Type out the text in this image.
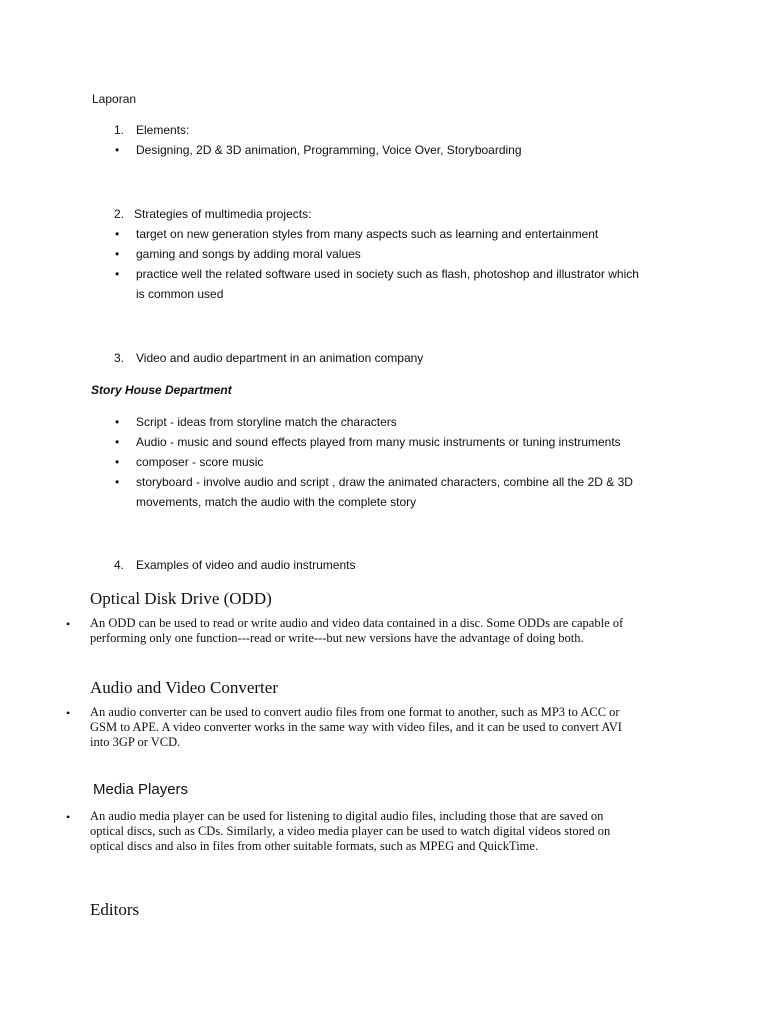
Laporan
1. Elements:
• Designing, 2D & 3D animation, Programming, Voice Over, Storyboarding
2. Strategies of multimedia projects:
• target on new generation styles from many aspects such as learning and entertainment
• gaming and songs by adding moral values
• practice well the related software used in society such as flash, photoshop and illustrator which
is common used
3. Video and audio department in an animation company
Story House Department
• Script - ideas from storyline match the characters
• Audio - music and sound effects played from many music instruments or tuning instruments
• composer - score music
• storyboard - involve audio and script , draw the animated characters, combine all the 2D & 3D
movements, match the audio with the complete story
4. Examples of video and audio instruments
Optical Disk Drive (ODD)
• An ODD can be used to read or write audio and video data contained in a disc. Some ODDs are capable of
performing only one function---read or write---but new versions have the advantage of doing both.
Audio and Video Converter
• An audio converter can be used to convert audio files from one format to another, such as MP3 to ACC or
GSM to APE. A video converter works in the same way with video files, and it can be used to convert AVI
into 3GP or VCD.
Media Players
• An audio media player can be used for listening to digital audio files, including those that are saved on
optical discs, such as CDs. Similarly, a video media player can be used to watch digital videos stored on
optical discs and also in files from other suitable formats, such as MPEG and QuickTime.
Editors
